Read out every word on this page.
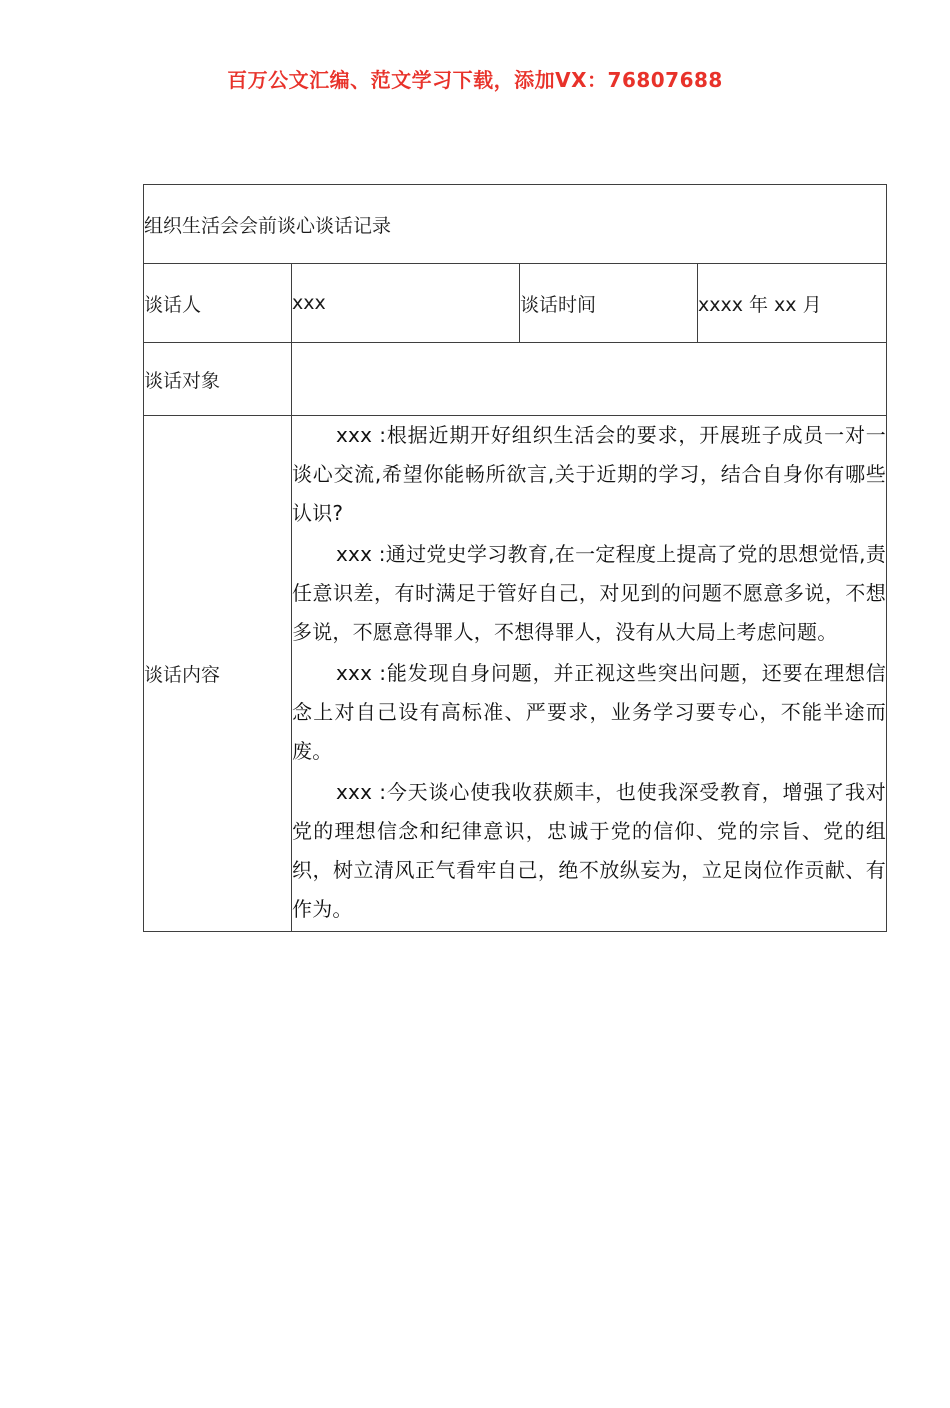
百万公文汇编、范文学习下载，添加VX：76807688
组织生活会会前谈心谈话记录			
谈话人	xxx	谈话时间	xxxx 年 xx 月
谈话对象			
谈话内容	xxx :根据近期开好组织生活会的要求，开展班子成员一对一谈心交流,希望你能畅所欲言,关于近期的学习，结合自身你有哪些认识?

xxx :通过党史学习教育,在一定程度上提高了党的思想觉悟,责任意识差，有时满足于管好自己，对见到的问题不愿意多说，不想多说，不愿意得罪人，不想得罪人，没有从大局上考虑问题。

xxx :能发现自身问题，并正视这些突出问题，还要在理想信念上对自己设有高标准、严要求，业务学习要专心，不能半途而废。

xxx :今天谈心使我收获颇丰，也使我深受教育，增强了我对党的理想信念和纪律意识，忠诚于党的信仰、党的宗旨、党的组织，树立清风正气看牢自己，绝不放纵妄为，立足岗位作贡献、有作为。		
